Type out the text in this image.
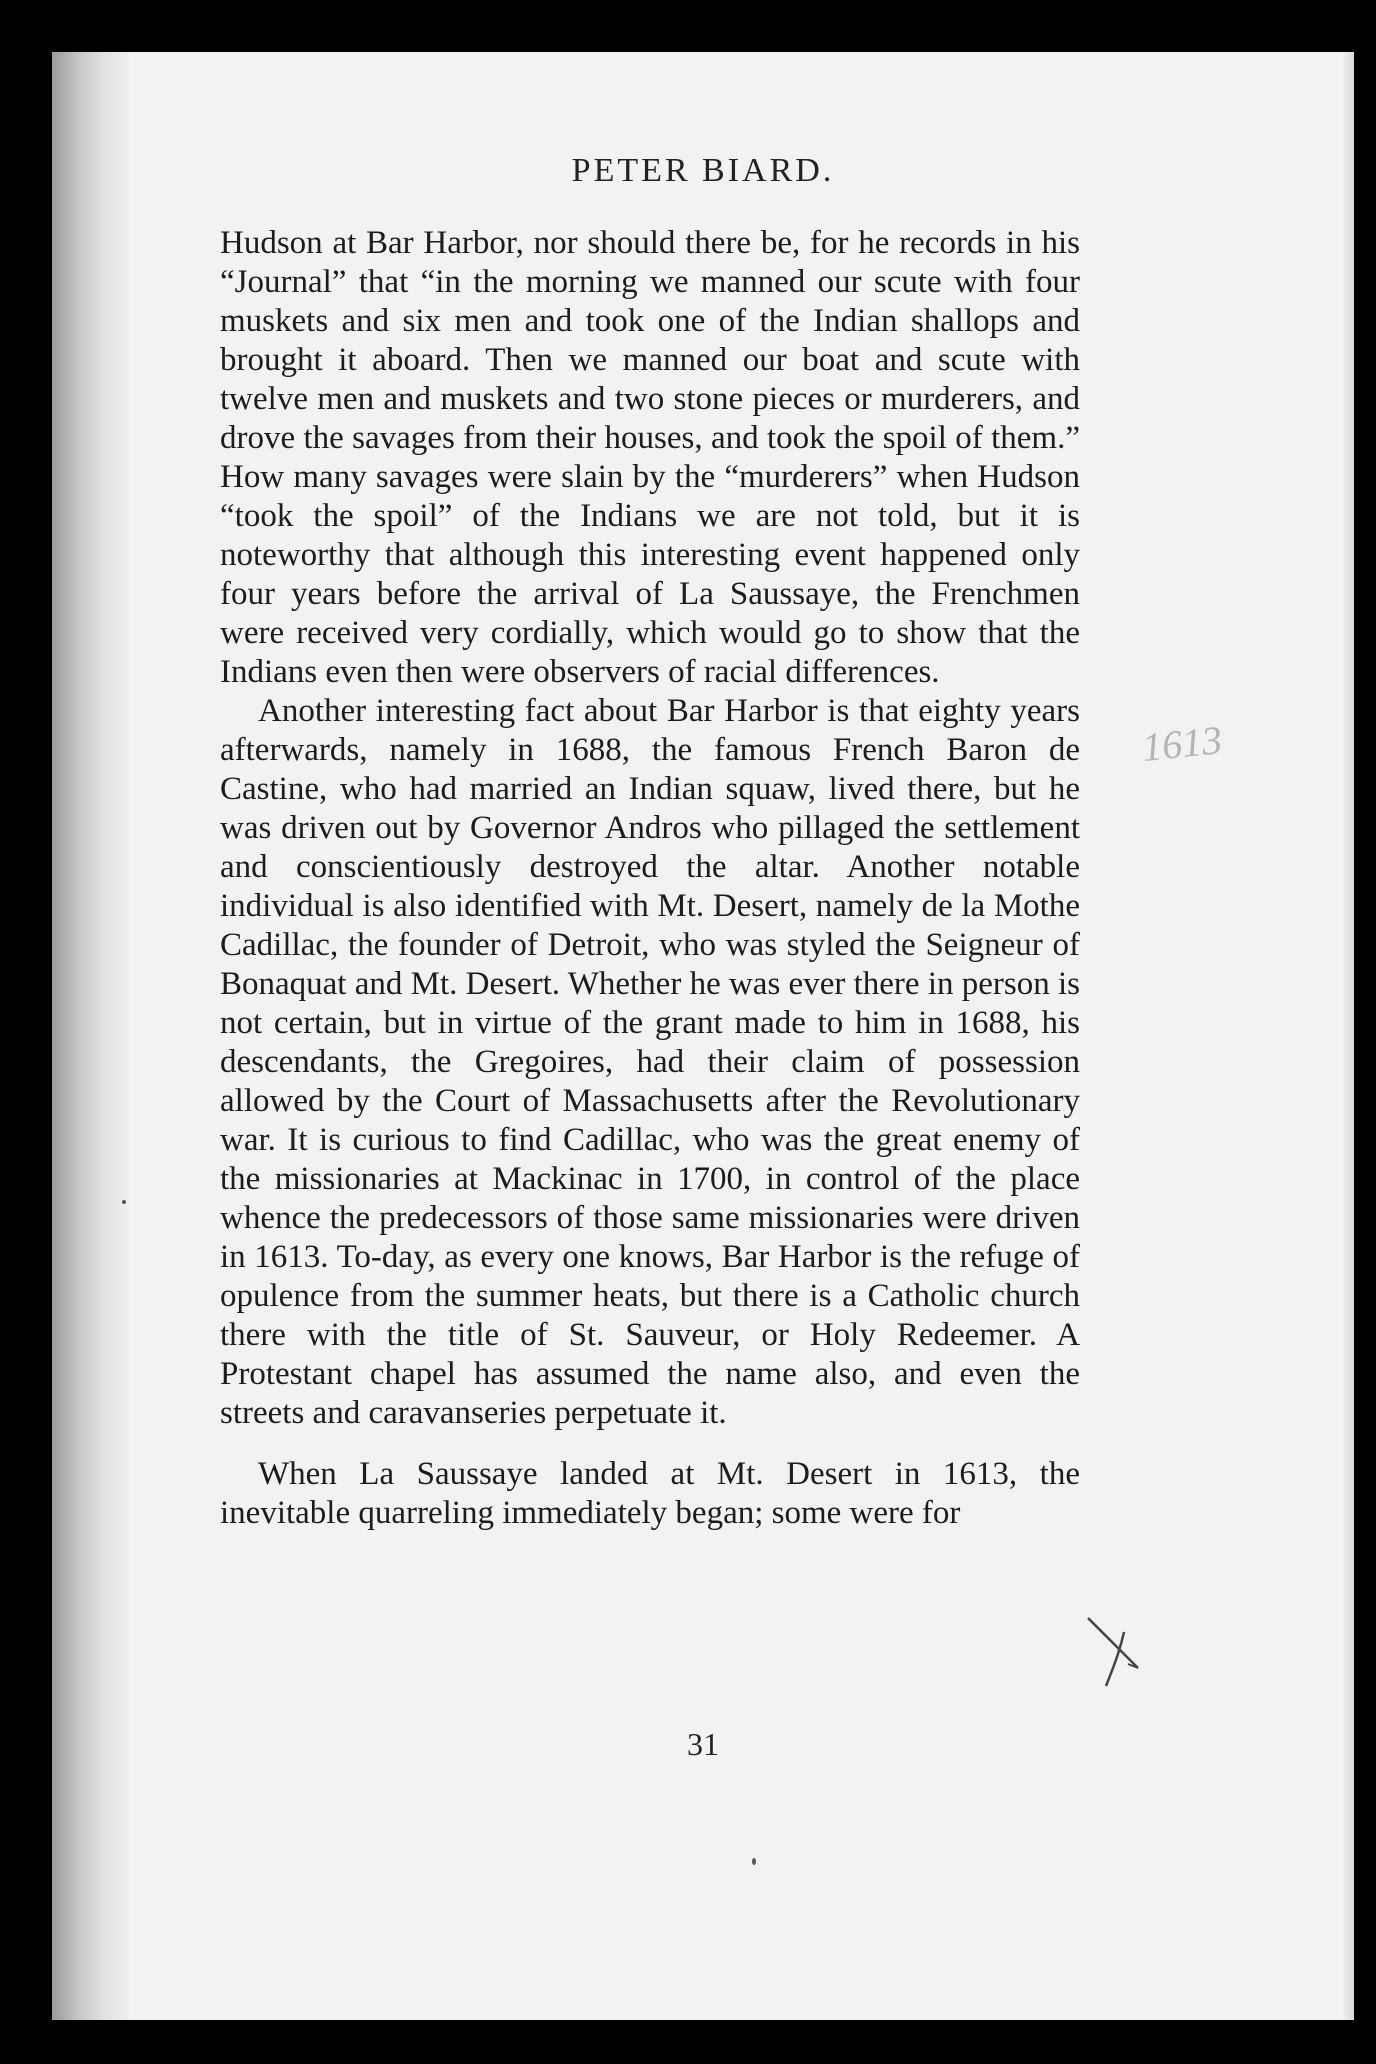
PETER BIARD.

Hudson at Bar Harbor, nor should there be, for he records in his “Journal” that “in the morning we manned our scute with four muskets and six men and took one of the Indian shallops and brought it aboard. Then we manned our boat and scute with twelve men and muskets and two stone pieces or murderers, and drove the savages from their houses, and took the spoil of them.” How many savages were slain by the “murderers” when Hudson “took the spoil” of the Indians we are not told, but it is noteworthy that although this interesting event happened only four years before the arrival of La Saussaye, the Frenchmen were received very cordially, which would go to show that the Indians even then were observers of racial differences.

Another interesting fact about Bar Harbor is that eighty years afterwards, namely in 1688, the famous French Baron de Castine, who had married an Indian squaw, lived there, but he was driven out by Governor Andros who pillaged the settlement and conscientiously destroyed the altar. Another notable individual is also identified with Mt. Desert, namely de la Mothe Cadillac, the founder of Detroit, who was styled the Seigneur of Bonaquat and Mt. Desert. Whether he was ever there in person is not certain, but in virtue of the grant made to him in 1688, his descendants, the Gregoires, had their claim of possession allowed by the Court of Massachusetts after the Revolutionary war. It is curious to find Cadillac, who was the great enemy of the missionaries at Mackinac in 1700, in control of the place whence the predecessors of those same missionaries were driven in 1613. To-day, as every one knows, Bar Harbor is the refuge of opulence from the summer heats, but there is a Catholic church there with the title of St. Sauveur, or Holy Redeemer. A Protestant chapel has assumed the name also, and even the streets and caravanseries perpetuate it.

When La Saussaye landed at Mt. Desert in 1613, the inevitable quarreling immediately began; some were for

31
1613
